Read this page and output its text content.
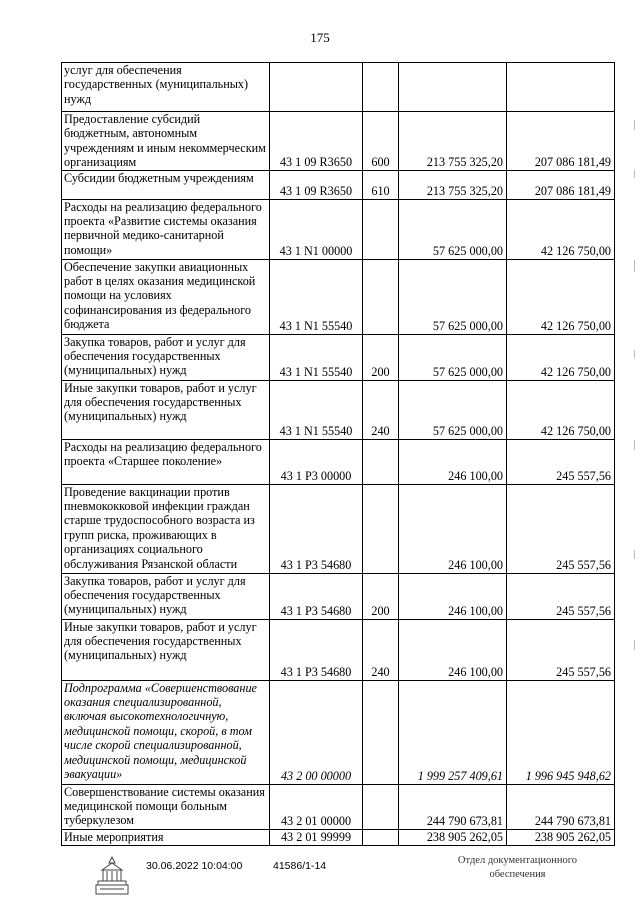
175
услуг для обеспечения государственных (муниципальных) нужд				
Предоставление субсидий бюджетным, автономным учреждениям и иным некоммерческим организациям	43 1 09 R3650	600	213 755 325,20	207 086 181,49
Субсидии бюджетным учреждениям	43 1 09 R3650	610	213 755 325,20	207 086 181,49
Расходы на реализацию федерального проекта «Развитие системы оказания первичной медико-санитарной помощи»	43 1 N1 00000		57 625 000,00	42 126 750,00
Обеспечение закупки авиационных работ в целях оказания медицинской помощи на условиях софинансирования из федерального бюджета	43 1 N1 55540		57 625 000,00	42 126 750,00
Закупка товаров, работ и услуг для обеспечения государственных (муниципальных) нужд	43 1 N1 55540	200	57 625 000,00	42 126 750,00
Иные закупки товаров, работ и услуг для обеспечения государственных (муниципальных) нужд	43 1 N1 55540	240	57 625 000,00	42 126 750,00
Расходы на реализацию федерального проекта «Старшее поколение»	43 1 P3 00000		246 100,00	245 557,56
Проведение вакцинации против пневмококковой инфекции граждан старше трудоспособного возраста из групп риска, проживающих в организациях социального обслуживания Рязанской области	43 1 P3 54680		246 100,00	245 557,56
Закупка товаров, работ и услуг для обеспечения государственных (муниципальных) нужд	43 1 P3 54680	200	246 100,00	245 557,56
Иные закупки товаров, работ и услуг для обеспечения государственных (муниципальных) нужд	43 1 P3 54680	240	246 100,00	245 557,56
Подпрограмма «Совершенствование оказания специализированной, включая высокотехнологичную, медицинской помощи, скорой, в том числе скорой специализированной, медицинской помощи, медицинской эвакуации»	43 2 00 00000		1 999 257 409,61	1 996 945 948,62
Совершенствование системы оказания медицинской помощи больным туберкулезом	43 2 01 00000		244 790 673,81	244 790 673,81
Иные мероприятия	43 2 01 99999		238 905 262,05	238 905 262,05
30.06.2022 10:04:00	41586/1-14	Отдел документационного обеспечения
